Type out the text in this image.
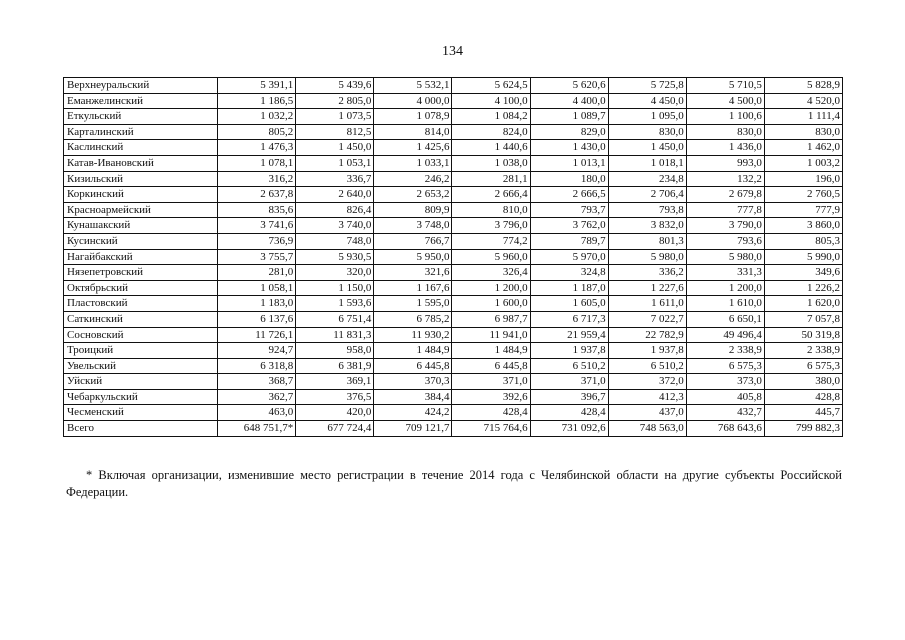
134
Верхнеуральский	5 391,1	5 439,6	5 532,1	5 624,5	5 620,6	5 725,8	5 710,5	5 828,9
Еманжелинский	1 186,5	2 805,0	4 000,0	4 100,0	4 400,0	4 450,0	4 500,0	4 520,0
Еткульский	1 032,2	1 073,5	1 078,9	1 084,2	1 089,7	1 095,0	1 100,6	1 111,4
Карталинский	805,2	812,5	814,0	824,0	829,0	830,0	830,0	830,0
Каслинский	1 476,3	1 450,0	1 425,6	1 440,6	1 430,0	1 450,0	1 436,0	1 462,0
Катав-Ивановский	1 078,1	1 053,1	1 033,1	1 038,0	1 013,1	1 018,1	993,0	1 003,2
Кизильский	316,2	336,7	246,2	281,1	180,0	234,8	132,2	196,0
Коркинский	2 637,8	2 640,0	2 653,2	2 666,4	2 666,5	2 706,4	2 679,8	2 760,5
Красноармейский	835,6	826,4	809,9	810,0	793,7	793,8	777,8	777,9
Кунашакский	3 741,6	3 740,0	3 748,0	3 796,0	3 762,0	3 832,0	3 790,0	3 860,0
Кусинский	736,9	748,0	766,7	774,2	789,7	801,3	793,6	805,3
Нагайбакский	3 755,7	5 930,5	5 950,0	5 960,0	5 970,0	5 980,0	5 980,0	5 990,0
Нязепетровский	281,0	320,0	321,6	326,4	324,8	336,2	331,3	349,6
Октябрьский	1 058,1	1 150,0	1 167,6	1 200,0	1 187,0	1 227,6	1 200,0	1 226,2
Пластовский	1 183,0	1 593,6	1 595,0	1 600,0	1 605,0	1 611,0	1 610,0	1 620,0
Саткинский	6 137,6	6 751,4	6 785,2	6 987,7	6 717,3	7 022,7	6 650,1	7 057,8
Сосновский	11 726,1	11 831,3	11 930,2	11 941,0	21 959,4	22 782,9	49 496,4	50 319,8
Троицкий	924,7	958,0	1 484,9	1 484,9	1 937,8	1 937,8	2 338,9	2 338,9
Увельский	6 318,8	6 381,9	6 445,8	6 445,8	6 510,2	6 510,2	6 575,3	6 575,3
Уйский	368,7	369,1	370,3	371,0	371,0	372,0	373,0	380,0
Чебаркульский	362,7	376,5	384,4	392,6	396,7	412,3	405,8	428,8
Чесменский	463,0	420,0	424,2	428,4	428,4	437,0	432,7	445,7
Всего	648 751,7*	677 724,4	709 121,7	715 764,6	731 092,6	748 563,0	768 643,6	799 882,3
* Включая организации, изменившие место регистрации в течение 2014 года с Челябинской области на другие субъекты Российской Федерации.
